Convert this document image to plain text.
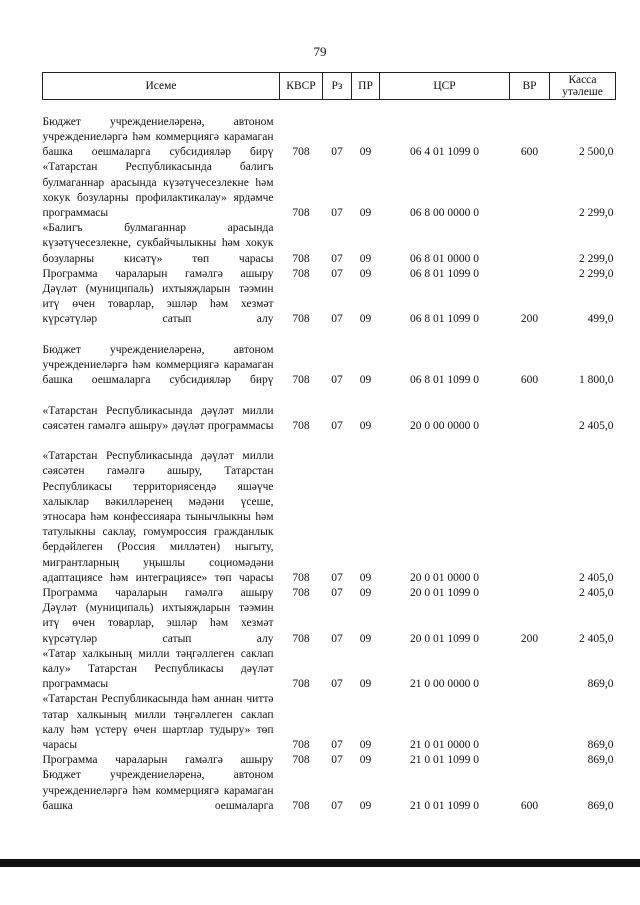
79
Исеме	КВСР	Рз	ПР	ЦСР	ВР	Касса утәлеше
Бюджет учреждениеләренә, автоном учреждениеләргә һәм коммерциягә карамаган башка оешмаларга субсидияләр бирү	708	07	09	06 4 01 1099 0	600	2 500,0
«Татарстан Республикасында балигъ булмаганнар арасында күзәтүчесезлекне һәм хокук бозуларны профилактикалау» ярдәмче программасы	708	07	09	06 8 00 0000 0		2 299,0
«Балигъ булмаганнар арасында күзәтүчесезлекне, сукбайчылыкны һәм хокук бозуларны кисәтү» төп чарасы	708	07	09	06 8 01 0000 0		2 299,0
Программа чараларын гамәлгә ашыру	708	07	09	06 8 01 1099 0		2 299,0
Дәүләт (муниципаль) ихтыяҗларын тәэмин итү өчен товарлар, эшләр һәм хезмәт күрсәтүләр сатып алу	708	07	09	06 8 01 1099 0	200	499,0
Бюджет учреждениеләренә, автоном учреждениеләргә һәм коммерциягә карамаган башка оешмаларга субсидияләр бирү	708	07	09	06 8 01 1099 0	600	1 800,0
«Татарстан Республикасында дәүләт милли сәясәтен гамәлгә ашыру» дәүләт программасы	708	07	09	20 0 00 0000 0		2 405,0
«Татарстан Республикасында дәүләт милли сәясәтен гамәлгә ашыру, Татарстан Республикасы территориясендә яшәүче халыклар вәкилләренең мәдәни үсеше, этносара һәм конфессияара тынычлыкны һәм татулыкны саклау, гомумроссия гражданлык бердәйлеген (Россия милләтен) ныгыту, мигрантларның уңышлы социомәдәни адаптациясе һәм интеграциясе» төп чарасы	708	07	09	20 0 01 0000 0		2 405,0
Программа чараларын гамәлгә ашыру	708	07	09	20 0 01 1099 0		2 405,0
Дәүләт (муниципаль) ихтыяҗларын тәэмин итү өчен товарлар, эшләр һәм хезмәт күрсәтүләр сатып алу	708	07	09	20 0 01 1099 0	200	2 405,0
«Татар халкының милли тәңгәллеген саклап калу» Татарстан Республикасы дәүләт программасы	708	07	09	21 0 00 0000 0		869,0
«Татарстан Республикасында һәм аннан читтә татар халкының милли тәңгәллеген саклап калу һәм үстерү өчен шартлар тудыру» төп чарасы	708	07	09	21 0 01 0000 0		869,0
Программа чараларын гамәлгә ашыру	708	07	09	21 0 01 1099 0		869,0
Бюджет учреждениеләренә, автоном учреждениеләргә һәм коммерциягә карамаган башка оешмаларга	708	07	09	21 0 01 1099 0	600	869,0
